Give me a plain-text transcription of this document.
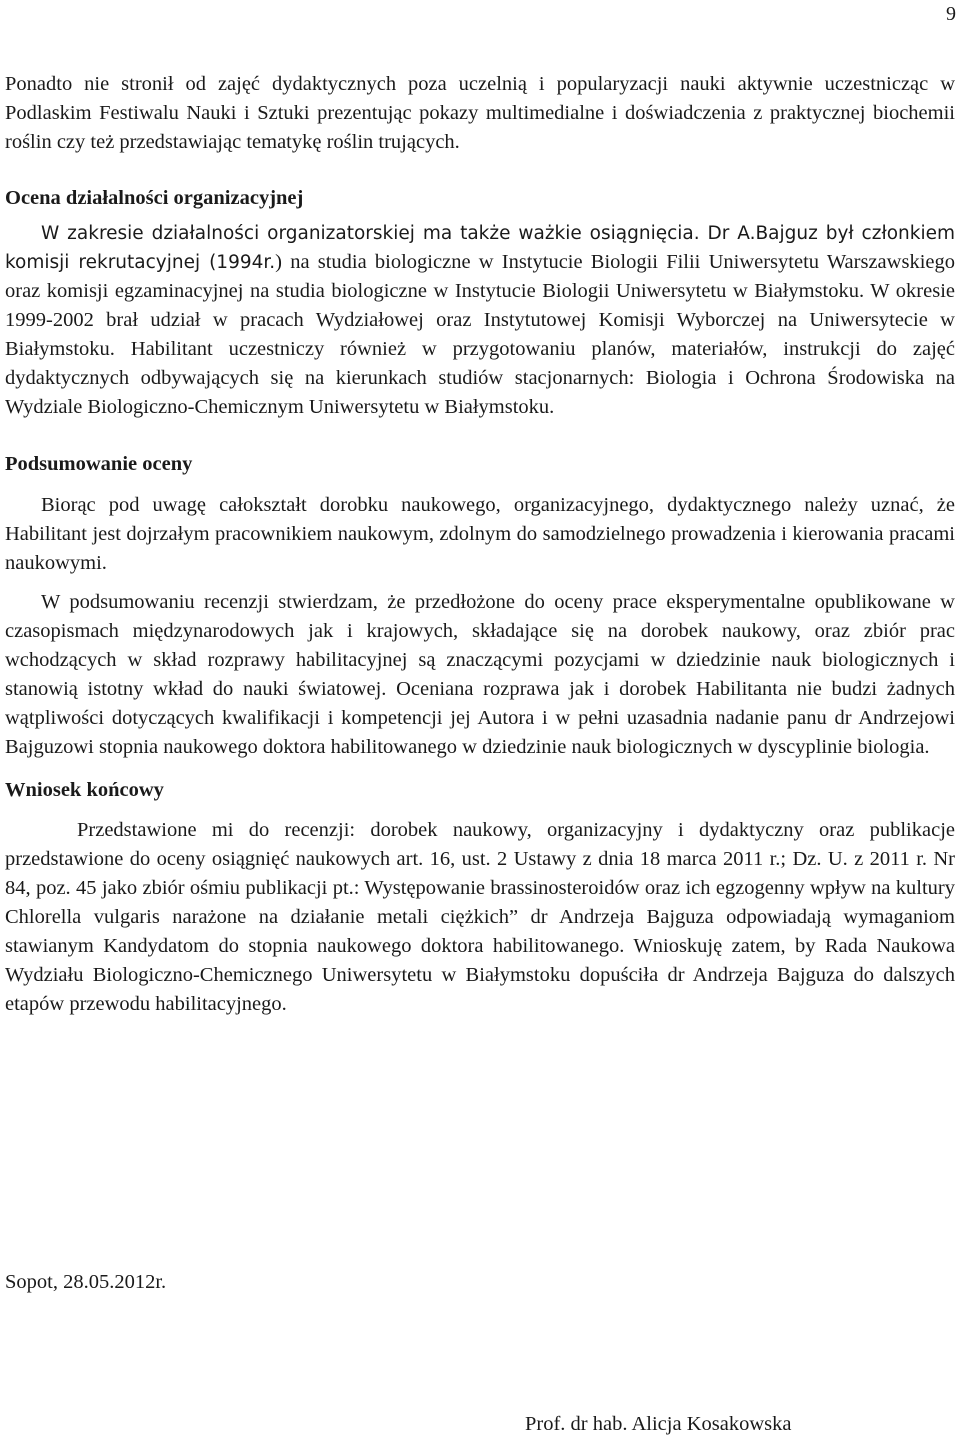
9

Ponadto nie stronił od zajęć dydaktycznych poza uczelnią i popularyzacji nauki aktywnie uczestnicząc w Podlaskim Festiwalu Nauki i Sztuki prezentując pokazy multimedialne i doświadczenia z praktycznej biochemii roślin czy też przedstawiając tematykę roślin trujących.

Ocena działalności organizacyjnej

W zakresie działalności organizatorskiej ma także ważkie osiągnięcia. Dr A.Bajguz był członkiem komisji rekrutacyjnej (1994r.) na studia biologiczne w Instytucie Biologii Filii Uniwersytetu Warszawskiego oraz komisji egzaminacyjnej na studia biologiczne w Instytucie Biologii Uniwersytetu w Białymstoku. W okresie 1999-2002 brał udział w pracach Wydziałowej oraz Instytutowej Komisji Wyborczej na Uniwersytecie w Białymstoku. Habilitant uczestniczy również w przygotowaniu planów, materiałów, instrukcji do zajęć dydaktycznych odbywających się na kierunkach studiów stacjonarnych: Biologia i Ochrona Środowiska na Wydziale Biologiczno-Chemicznym Uniwersytetu w Białymstoku.

Podsumowanie oceny

Biorąc pod uwagę całokształt dorobku naukowego, organizacyjnego, dydaktycznego należy uznać, że Habilitant jest dojrzałym pracownikiem naukowym, zdolnym do samodzielnego prowadzenia i kierowania pracami naukowymi.

W podsumowaniu recenzji stwierdzam, że przedłożone do oceny prace eksperymentalne opublikowane w czasopismach międzynarodowych jak i krajowych, składające się na dorobek naukowy, oraz zbiór prac wchodzących w skład rozprawy habilitacyjnej są znaczącymi pozycjami w dziedzinie nauk biologicznych i stanowią istotny wkład do nauki światowej. Oceniana rozprawa jak i dorobek Habilitanta nie budzi żadnych wątpliwości dotyczących kwalifikacji i kompetencji jej Autora i w pełni uzasadnia nadanie panu dr Andrzejowi Bajguzowi stopnia naukowego doktora habilitowanego w dziedzinie nauk biologicznych w dyscyplinie biologia.

Wniosek końcowy

Przedstawione mi do recenzji: dorobek naukowy, organizacyjny i dydaktyczny oraz publikacje przedstawione do oceny osiągnięć naukowych art. 16, ust. 2 Ustawy z dnia 18 marca 2011 r.; Dz. U. z 2011 r. Nr 84, poz. 45 jako zbiór ośmiu publikacji pt.: Występowanie brassinosteroidów oraz ich egzogenny wpływ na kultury Chlorella vulgaris narażone na działanie metali ciężkich” dr Andrzeja Bajguza odpowiadają wymaganiom stawianym Kandydatom do stopnia naukowego doktora habilitowanego. Wnioskuję zatem, by Rada Naukowa Wydziału Biologiczno-Chemicznego Uniwersytetu w Białymstoku dopuściła dr Andrzeja Bajguza do dalszych etapów przewodu habilitacyjnego.

Sopot, 28.05.2012r.
Prof. dr hab. Alicja Kosakowska
